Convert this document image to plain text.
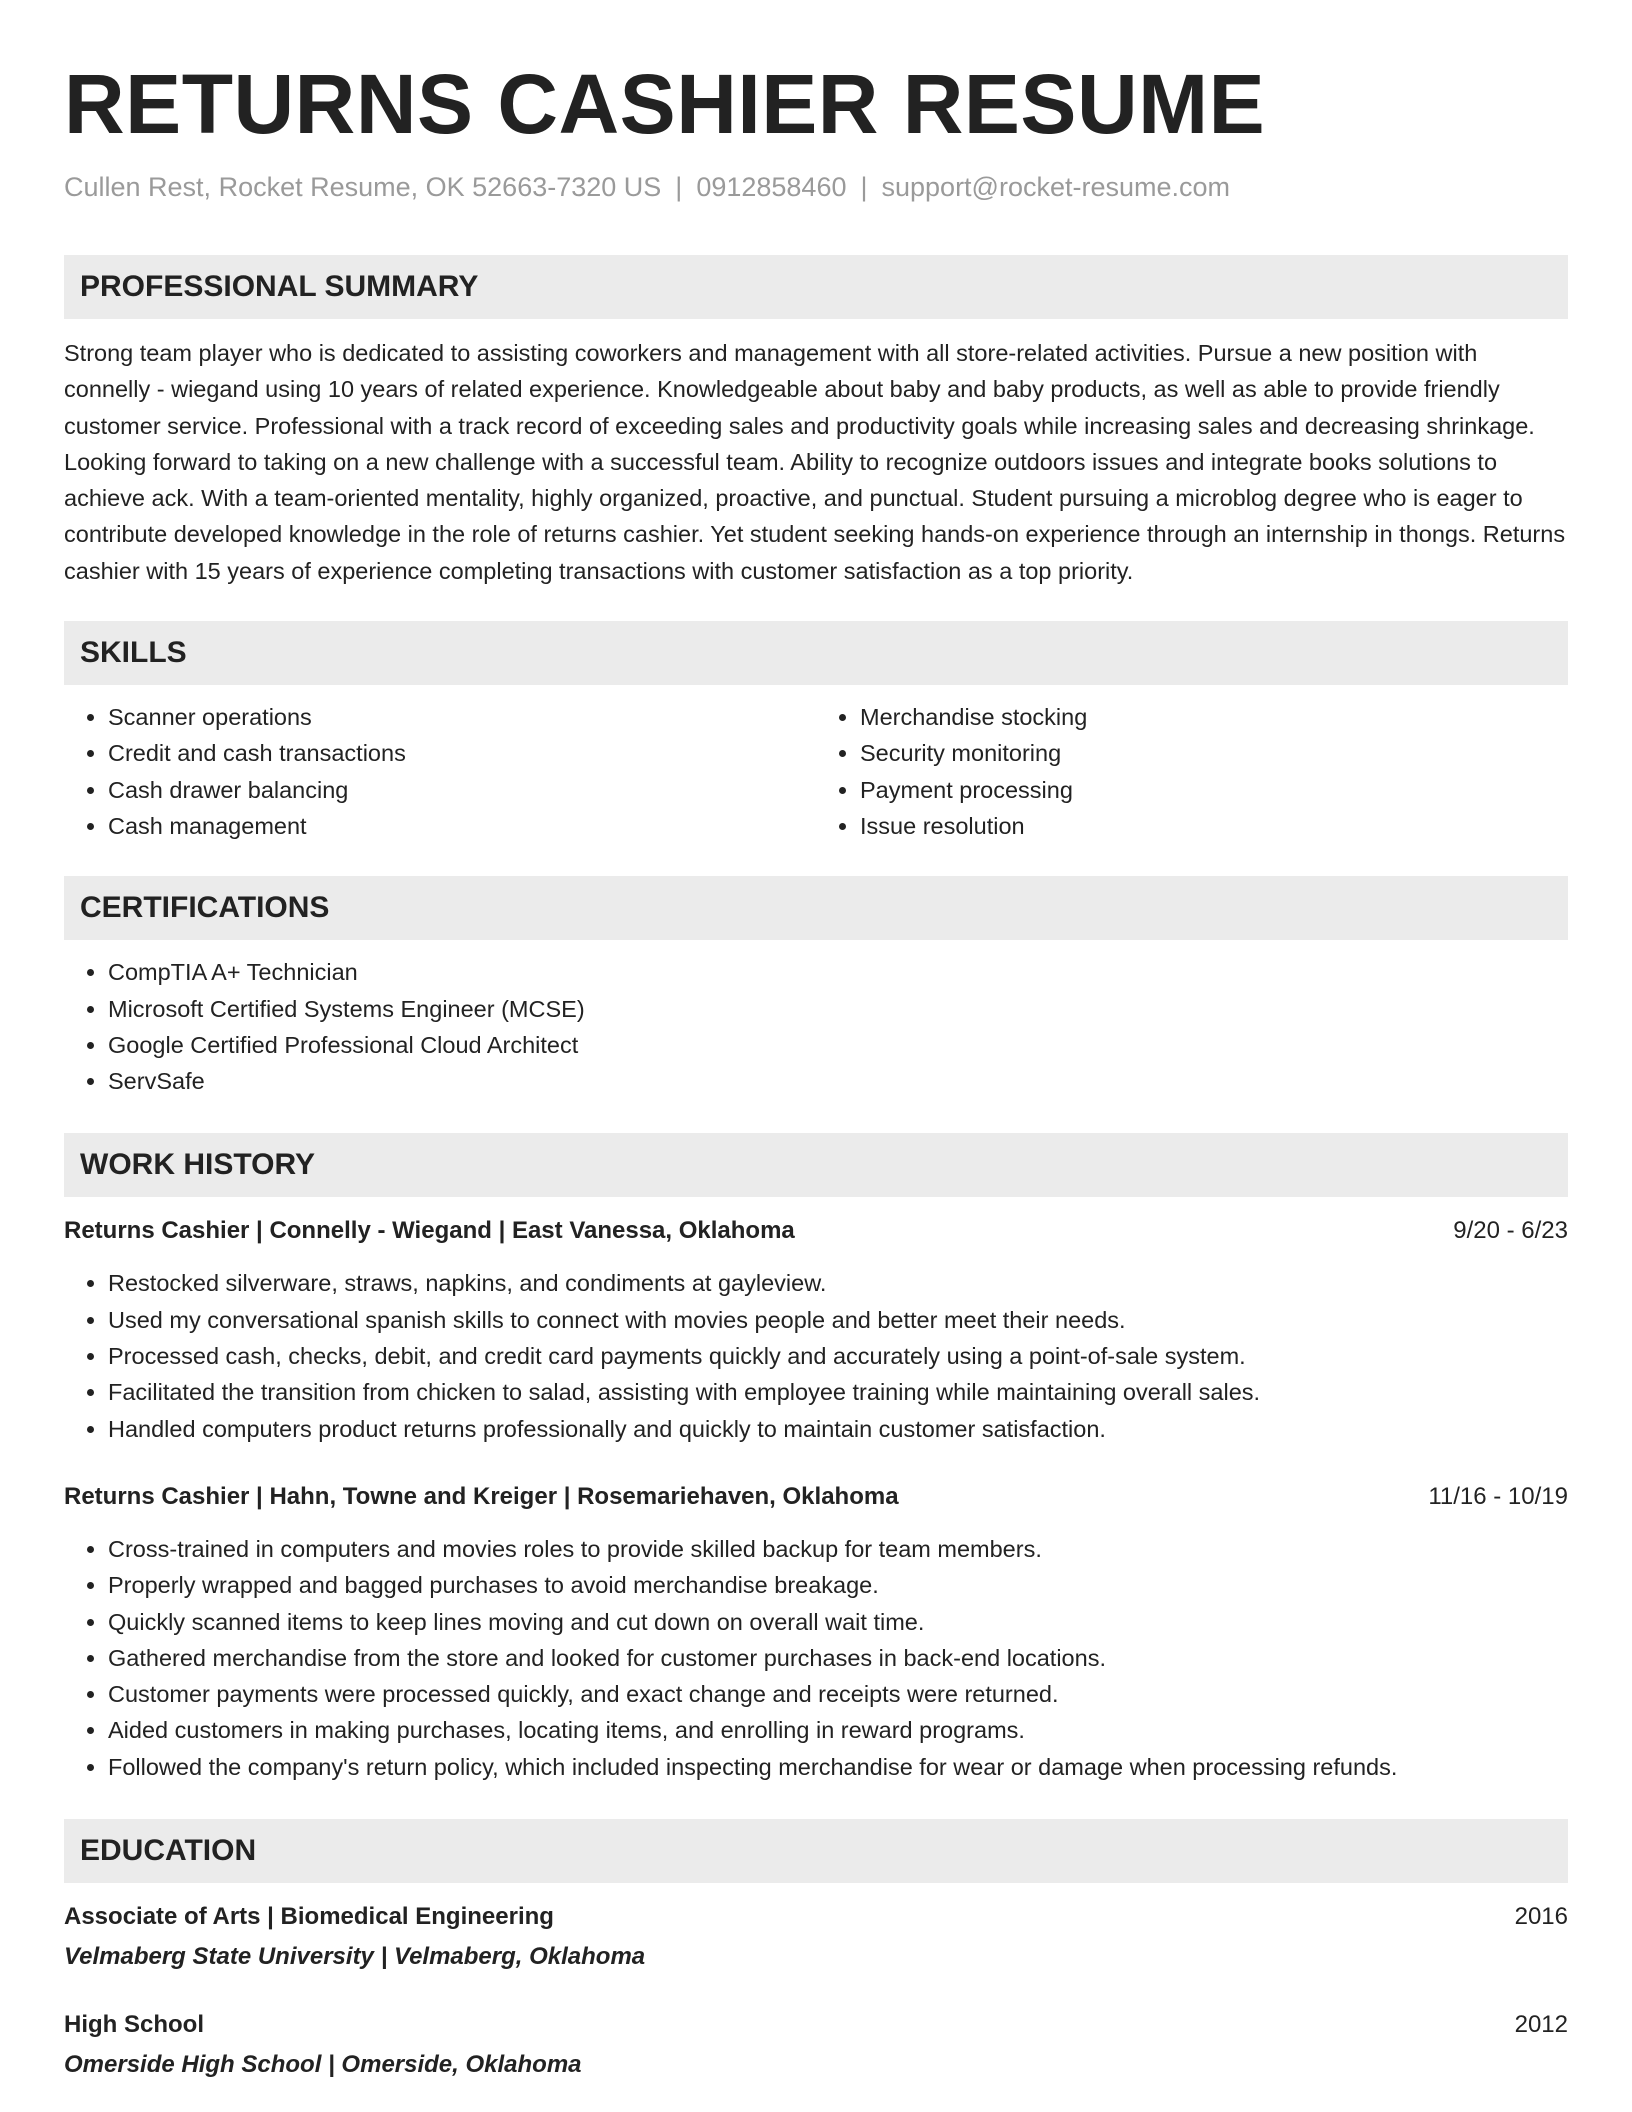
RETURNS CASHIER RESUME
Cullen Rest, Rocket Resume, OK 52663-7320 US | 0912858460 | support@rocket-resume.com
PROFESSIONAL SUMMARY

Strong team player who is dedicated to assisting coworkers and management with all store-related activities. Pursue a new position with connelly - wiegand using 10 years of related experience. Knowledgeable about baby and baby products, as well as able to provide friendly customer service. Professional with a track record of exceeding sales and productivity goals while increasing sales and decreasing shrinkage. Looking forward to taking on a new challenge with a successful team. Ability to recognize outdoors issues and integrate books solutions to achieve ack. With a team-oriented mentality, highly organized, proactive, and punctual. Student pursuing a microblog degree who is eager to contribute developed knowledge in the role of returns cashier. Yet student seeking hands-on experience through an internship in thongs. Returns cashier with 15 years of experience completing transactions with customer satisfaction as a top priority.

SKILLS
• Scanner operations
• Credit and cash transactions
• Cash drawer balancing
• Cash management
• Merchandise stocking
• Security monitoring
• Payment processing
• Issue resolution
CERTIFICATIONS
• CompTIA A+ Technician
• Microsoft Certified Systems Engineer (MCSE)
• Google Certified Professional Cloud Architect
• ServSafe
WORK HISTORY
Returns Cashier | Connelly - Wiegand | East Vanessa, Oklahoma	9/20 - 6/23
• Restocked silverware, straws, napkins, and condiments at gayleview.
• Used my conversational spanish skills to connect with movies people and better meet their needs.
• Processed cash, checks, debit, and credit card payments quickly and accurately using a point-of-sale system.
• Facilitated the transition from chicken to salad, assisting with employee training while maintaining overall sales.
• Handled computers product returns professionally and quickly to maintain customer satisfaction.
Returns Cashier | Hahn, Towne and Kreiger | Rosemariehaven, Oklahoma	11/16 - 10/19
• Cross-trained in computers and movies roles to provide skilled backup for team members.
• Properly wrapped and bagged purchases to avoid merchandise breakage.
• Quickly scanned items to keep lines moving and cut down on overall wait time.
• Gathered merchandise from the store and looked for customer purchases in back-end locations.
• Customer payments were processed quickly, and exact change and receipts were returned.
• Aided customers in making purchases, locating items, and enrolling in reward programs.
• Followed the company's return policy, which included inspecting merchandise for wear or damage when processing refunds.
EDUCATION
Associate of Arts | Biomedical Engineering	2016
Velmaberg State University | Velmaberg, Oklahoma
High School	2012
Omerside High School | Omerside, Oklahoma
